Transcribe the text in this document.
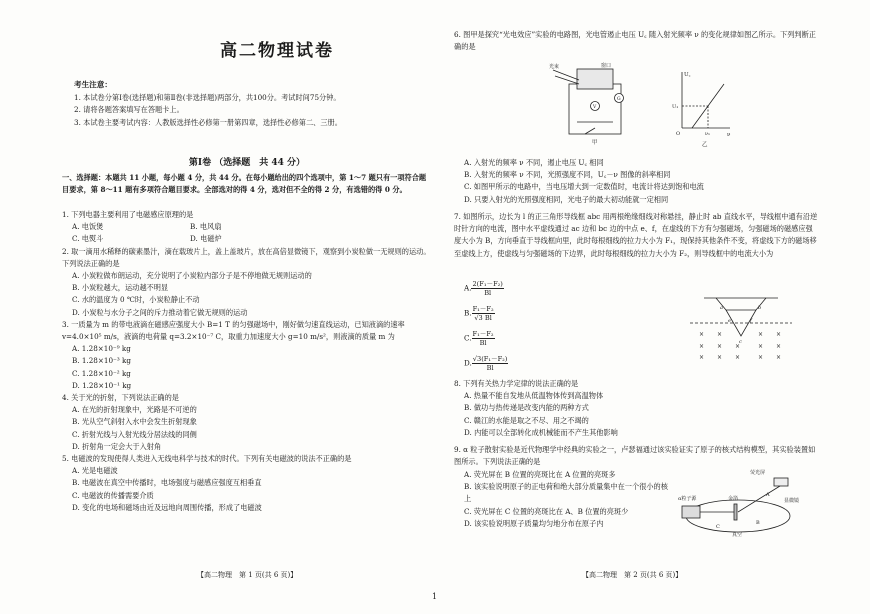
高二物理试卷
考生注意：
1. 本试卷分第Ⅰ卷(选择题)和第Ⅱ卷(非选择题)两部分，共100分。考试时间75分钟。
2. 请将各题答案填写在答题卡上。
3. 本试卷主要考试内容：人教版选择性必修第一册第四章，选择性必修第二、三册。
第Ⅰ卷 （选择题　共 44 分）
一、选择题：本题共 11 小题，每小题 4 分，共 44 分。在每小题给出的四个选项中，第 1～7 题只有一项符合题目要求，第 8～11 题有多项符合题目要求。全部选对的得 4 分，选对但不全的得 2 分，有选错的得 0 分。
1. 下列电器主要利用了电磁感应原理的是
A. 电饭煲	B. 电风扇
C. 电熨斗	D. 电磁炉
2. 取一滴用水稀释的碳素墨汁，滴在载玻片上，盖上盖玻片，放在高倍显微镜下，观察到小炭粒做一无规则的运动。下列说法正确的是
A. 小炭粒做布朗运动，充分说明了小炭粒内部分子是不停地做无规则运动的
B. 小炭粒越大，运动越不明显
C. 水的温度为 0 ℃时，小炭粒静止不动
D. 小炭粒与水分子之间的斥力推动着它做无规则的运动
3. 一质量为 m 的带电液滴在磁感应强度大小 B=1 T 的匀强磁场中，刚好做匀速直线运动，已知液滴的速率 v=4.0×10⁵ m/s，液滴的电荷量 q=3.2×10⁻⁷ C，取重力加速度大小 g=10 m/s²，则液滴的质量 m 为
A. 1.28×10⁻⁹ kg
B. 1.28×10⁻³ kg
C. 1.28×10⁻² kg
D. 1.28×10⁻¹ kg
4. 关于光的折射，下列说法正确的是
A. 在光的折射现象中，光路是不可逆的
B. 光从空气斜射入水中会发生折射现象
C. 折射光线与入射光线分居法线的同侧
D. 折射角一定会大于入射角
5. 电磁波的发现使得人类进入无线电科学与技术的时代。下列有关电磁波的说法不正确的是
A. 光是电磁波
B. 电磁波在真空中传播时，电场强度与磁感应强度互相垂直
C. 电磁波的传播需要介质
D. 变化的电场和磁场由近及远地向周围传播，形成了电磁波
【高二物理　第 1 页(共 6 页)】
6. 图甲是探究“光电效应”实验的电路图，光电管遏止电压 U꜀ 随入射光频率 ν 的变化规律如图乙所示。下列判断正确的是
光束	窗口
V
G
甲
U꜀
ν
U₁
ν₁
O
乙
A. 入射光的频率 ν 不同，遏止电压 U꜀ 相同
B. 入射光的频率 ν 不同，光照强度不同，U꜀－ν 图像的斜率相同
C. 如图甲所示的电路中，当电压增大到一定数值时，电流计将达到饱和电流
D. 只要入射光的光照强度相同，光电子的最大初动能就一定相同
7. 如图所示，边长为 l 的正三角形导线框 abc 用两根绝缘细线对称悬挂，静止时 ab 直线水平，导线框中通有沿逆时针方向的电流，图中水平虚线通过 ac 边和 bc 边的中点 e、f，在虚线的下方有匀强磁场，匀强磁场的磁感应强度大小为 B，方向垂直于导线框向里，此时每根细线的拉力大小为 F₁，现保持其他条件不变，将虚线下方的磁场移至虚线上方，使虚线与匀强磁场的下边界，此时每根细线的拉力大小为 F₂，则导线框中的电流大小为
A. $\frac{\text{2(F₁－F₂)}}{Bl}$
B. $\frac{\text{F₁－F₂}}{√3 Bl}$
C. $\frac{\text{F₁－F₂}}{Bl}$
D. $\frac{\text{√3(F₁－F₂)}}{Bl}$
× ×	× ×
× × ×	× ×
× × ×	× ×
a	b
c
e	f
8. 下列有关热力学定律的说法正确的是
A. 热量不能自发地从低温物体传到高温物体
B. 做功与热传递是改变内能的两种方式
C. 赣江的水能是取之不尽、用之不竭的
D. 内能可以全部转化成机械能而不产生其他影响
9. α 粒子散射实验是近代物理学中经典的实验之一，卢瑟福通过该实验证实了原子的核式结构模型，其实验装置如图所示。下列说法正确的是
A. 荧光屏在 B 位置的亮斑比在 A 位置的亮斑多
B. 该实验说明原子的正电荷和绝大部分质量集中在一个很小的核上
C. 荧光屏在 C 位置的亮斑比在 A、B 位置的亮斑少
D. 该实验说明原子质量均匀地分布在原子内
荧光屏
α粒子源	金箔
真空
显微镜
A
B
C
【高二物理　第 2 页(共 6 页)】
1
